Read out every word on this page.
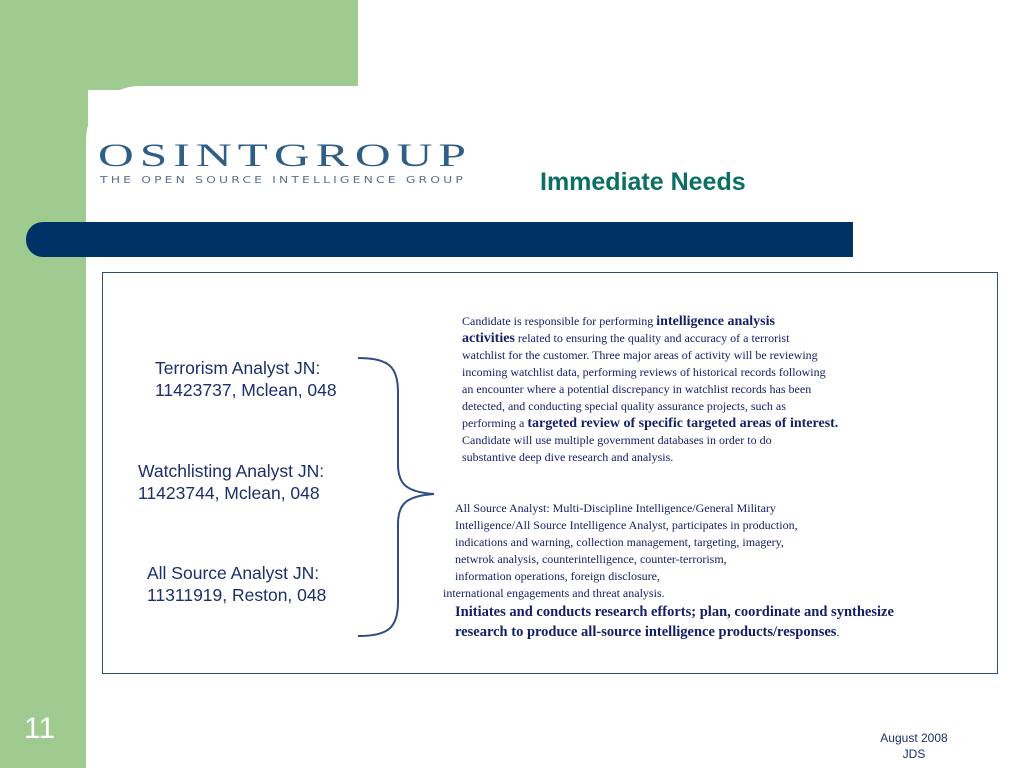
OSINTGROUP
THE OPEN SOURCE INTELLIGENCE GROUP	Immediate Needs
Terrorism Analyst JN:
11423737, Mclean, 048
Watchlisting Analyst JN:
11423744, Mclean, 048
All Source Analyst JN:
11311919, Reston, 048
Candidate is responsible for performing intelligence analysis
activities related to ensuring the quality and accuracy of a terrorist
watchlist for the customer. Three major areas of activity will be reviewing
incoming watchlist data, performing reviews of historical records following
an encounter where a potential discrepancy in watchlist records has been
detected, and conducting special quality assurance projects, such as
performing a targeted review of specific targeted areas of interest.
Candidate will use multiple government databases in order to do
substantive deep dive research and analysis.
All Source Analyst: Multi-Discipline Intelligence/General Military
Intelligence/All Source Intelligence Analyst, participates in production,
indications and warning, collection management, targeting, imagery,
netwrok analysis, counterintelligence, counter-terrorism,
information operations, foreign disclosure,
international engagements and threat analysis.
Initiates and conducts research efforts; plan, coordinate and synthesize
research to produce all-source intelligence products/responses.
11	August 2008
JDS
